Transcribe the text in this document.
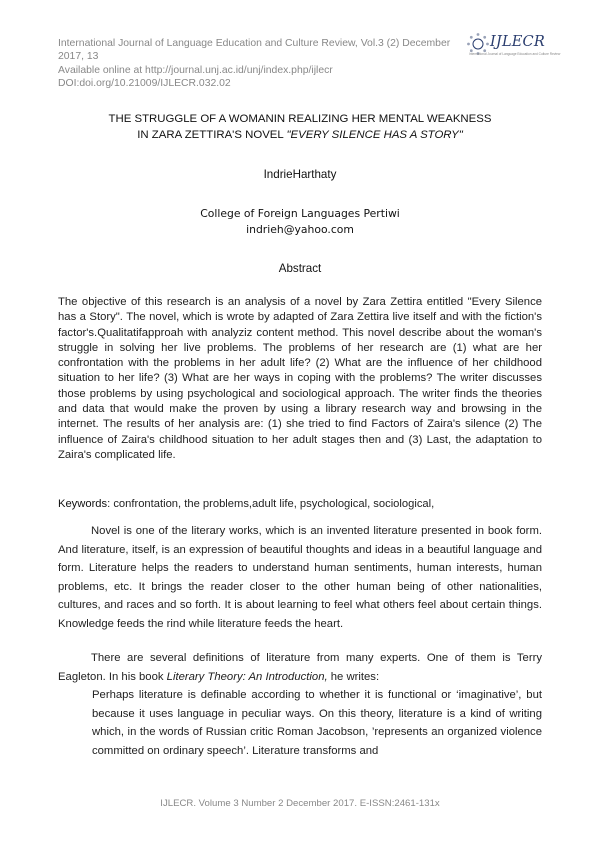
International Journal of Language Education and Culture Review, Vol.3 (2) December 2017, 13
Available online at http://journal.unj.ac.id/unj/index.php/ijlecr
DOI:doi.org/10.21009/IJLECR.032.02
IJLECR
International Journal of Language Education and Culture Review
THE STRUGGLE OF A WOMANIN REALIZING HER MENTAL WEAKNESS
IN ZARA ZETTIRA'S NOVEL "EVERY SILENCE HAS A STORY"
IndrieHarthaty
College of Foreign Languages Pertiwi
indrieh@yahoo.com
Abstract
The objective of this research is an analysis of a novel by Zara Zettira entitled "Every Silence has a Story". The novel, which is wrote by adapted of Zara Zettira live itself and with the fiction's factor's.Qualitatifapproah with analyziz content method. This novel describe about the woman's struggle in solving her live problems. The problems of her research are (1) what are her confrontation with the problems in her adult life? (2) What are the influence of her childhood situation to her life? (3) What are her ways in coping with the problems? The writer discusses those problems by using psychological and sociological approach. The writer finds the theories and data that would make the proven by using a library research way and browsing in the internet. The results of her analysis are: (1) she tried to find Factors of Zaira's silence (2) The influence of Zaira's childhood situation to her adult stages then and (3) Last, the adaptation to Zaira's complicated life.
Keywords: confrontation, the problems,adult life, psychological, sociological,
Novel is one of the literary works, which is an invented literature presented in book form. And literature, itself, is an expression of beautiful thoughts and ideas in a beautiful language and form. Literature helps the readers to understand human sentiments, human interests, human problems, etc. It brings the reader closer to the other human being of other nationalities, cultures, and races and so forth. It is about learning to feel what others feel about certain things. Knowledge feeds the rind while literature feeds the heart.
There are several definitions of literature from many experts. One of them is Terry Eagleton. In his book Literary Theory: An Introduction, he writes:
Perhaps literature is definable according to whether it is functional or ‘imaginative’, but because it uses language in peculiar ways. On this theory, literature is a kind of writing which, in the words of Russian critic Roman Jacobson, ’represents an organized violence committed on ordinary speech’. Literature transforms and
IJLECR. Volume 3 Number 2 December 2017. E-ISSN:2461-131x
